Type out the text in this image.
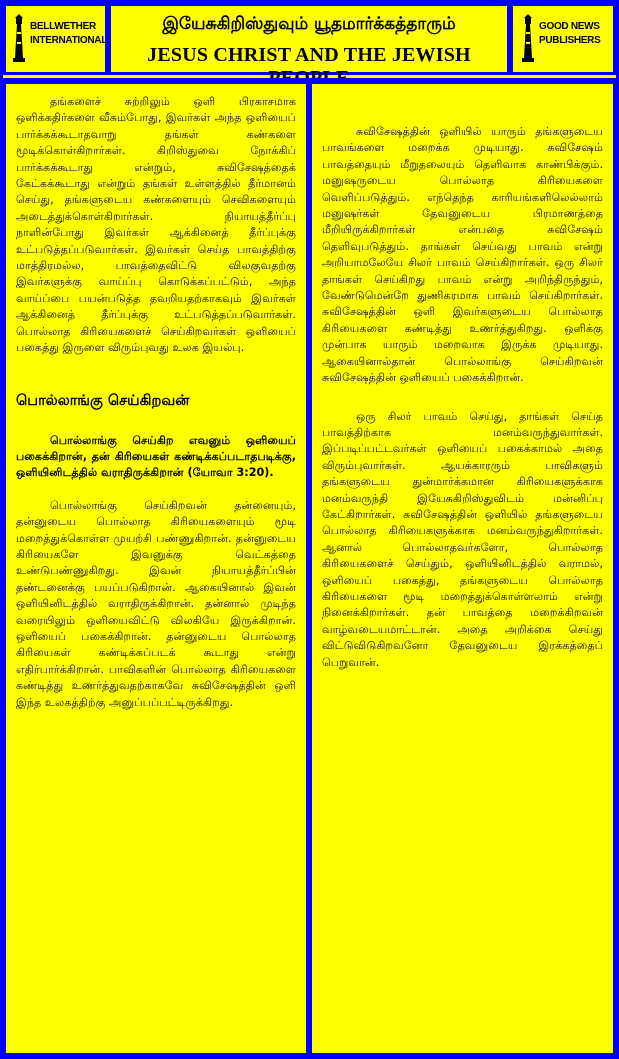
BELLWETHER
INTERNATIONAL
இயேசுகிறிஸ்துவும் யூதமார்க்கத்தாரும்
JESUS CHRIST AND THE JEWISH
GOOD NEWS
PUBLISHERS

தங்களைச் சுற்றிலும் ஒளி பிரகாசமாக ஒளிக்கதிர்களை வீசும்போது, இவர்கள் அந்த ஒளியைப் பார்க்கக்கூடாதவாறு தங்கள் கண்களை மூடிக்கொள்கிறார்கள். கிறிஸ்துவை நோக்கிப் பார்க்கக்கூடாது என்றும், சுவிசேஷத்தைக் கேட்கக்கூடாது என்றும் தங்கள் உள்ளத்தில் தீர்மானம் செய்து, தங்களுடைய கண்களையும் செவிகளையும் அடைத்துக்கொள்கிறார்கள். நியாயத்தீர்ப்பு நாளின்போது இவர்கள் ஆக்கினைத் தீர்ப்புக்கு உட்படுத்தப்படுவார்கள். இவர்கள் செய்த பாவத்திற்கு மாத்திரமல்ல, பாவத்தைவிட்டு விலகுவதற்கு இவர்களுக்கு வாய்ப்பு கொடுக்கப்பட்டும், அந்த வாய்ப்பை பயன்படுத்த தவறியதற்காகவும் இவர்கள் ஆக்கினைத் தீர்ப்புக்கு உட்படுத்தப்படுவார்கள். பொல்லாத கிரியைகளைச் செய்கிறவர்கள் ஒளியைப் பகைத்து இருளை விரும்புவது உலக இயல்பு.

பொல்லாங்கு செய்கிறவன்

பொல்லாங்கு செய்கிற எவனும் ஒளியைப் பகைக்கிறான், தன் கிரியைகள் கண்டிக்கப்படாதபடிக்கு, ஒளியினிடத்தில் வராதிருக்கிறான் (யோவா 3:20).

பொல்லாங்கு செய்கிறவன் தன்னையும், தன்னுடைய பொல்லாத கிரியைகளையும் மூடி மறைத்துக்கொள்ள முயற்சி பண்ணுகிறான். தன்னுடைய கிரியைகளே இவனுக்கு வெட்கத்தை உண்டுபண்ணுகிறது. இவன் நியாயத்தீர்ப்பின் தண்டனைக்கு பயப்படுகிறான். ஆகையினால் இவன் ஒளியினிடத்தில் வராதிருக்கிறான். தன்னால் முடிந்த வரையிலும் ஒளியைவிட்டு விலகியே இருக்கிறான். ஒளியைப் பகைக்கிறான். தன்னுடைய பொல்லாத கிரியைகள் கண்டிக்கப்படக் கூடாது என்று எதிர்பார்க்கிறான். பாவிகளின் பொல்லாத கிரியைகளை கண்டித்து உணர்த்துவதற்காகவே சுவிசேஷத்தின் ஒளி இந்த உலகத்திற்கு அனுப்பப்பட்டிருக்கிறது.

சுவிசேஷத்தின் ஒளியில் யாரும் தங்களுடைய பாவங்களை மறைக்க முடியாது. சுவிசேஷம் பாவத்தையும் மீறுதலையும் தெளிவாக காண்பிக்கும். மனுஷருடைய பொல்லாத கிரியைகளை வெளிப்படுத்தும். எந்தெந்த காரியங்களிலெல்லாம் மனுஷர்கள் தேவனுடைய பிரமாணத்தை மீறியிருக்கிறார்கள் என்பதை சுவிசேஷம் தெளிவுபடுத்தும். தாங்கள் செய்வது பாவம் என்று அறியாமலேயே சிலர் பாவம் செய்கிறார்கள். ஒரு சிலர் தாங்கள் செய்கிறது பாவம் என்று அறிந்திருந்தும், வேண்டுமென்றே துணிகரமாக பாவம் செய்கிறார்கள். சுவிசேஷத்தின் ஒளி இவர்களுடைய பொல்லாத கிரியைகளை கண்டித்து உணர்த்துகிறது. ஒளிக்கு முன்பாக யாரும் மறைவாக இருக்க முடியாது. ஆகையினால்தான் பொல்லாங்கு செய்கிறவன் சுவிசேஷத்தின் ஒளியைப் பகைக்கிறான்.

ஒரு சிலர் பாவம் செய்து, தாங்கள் செய்த பாவத்திற்காக மனம்வருந்துவார்கள். இப்படிப்பட்டவர்கள் ஒளியைப் பகைக்காமல் அதை விரும்புவார்கள். ஆயக்காரரும் பாவிகளும் தங்களுடைய துன்மார்க்கமான கிரியைகளுக்காக மனம்வருந்தி இயேசுகிறிஸ்துவிடம் மன்னிப்பு கேட்கிறார்கள். சுவிசேஷத்தின் ஒளியில் தங்களுடைய பொல்லாத கிரியைகளுக்காக மனம்வருந்துகிறார்கள். ஆனால் பொல்லாதவர்களோ, பொல்லாத கிரியைகளைச் செய்தும், ஒளியினிடத்தில் வராமல், ஒளியைப் பகைத்து, தங்களுடைய பொல்லாத கிரியைகளை மூடி மறைத்துக்கொள்ளலாம் என்று நினைக்கிறார்கள். தன் பாவத்தை மறைக்கிறவன் வாழ்வடையமாட்டான். அதை அறிக்கை செய்து விட்டுவிடுகிறவனோ தேவனுடைய இரக்கத்தைப் பெறுவான்.
